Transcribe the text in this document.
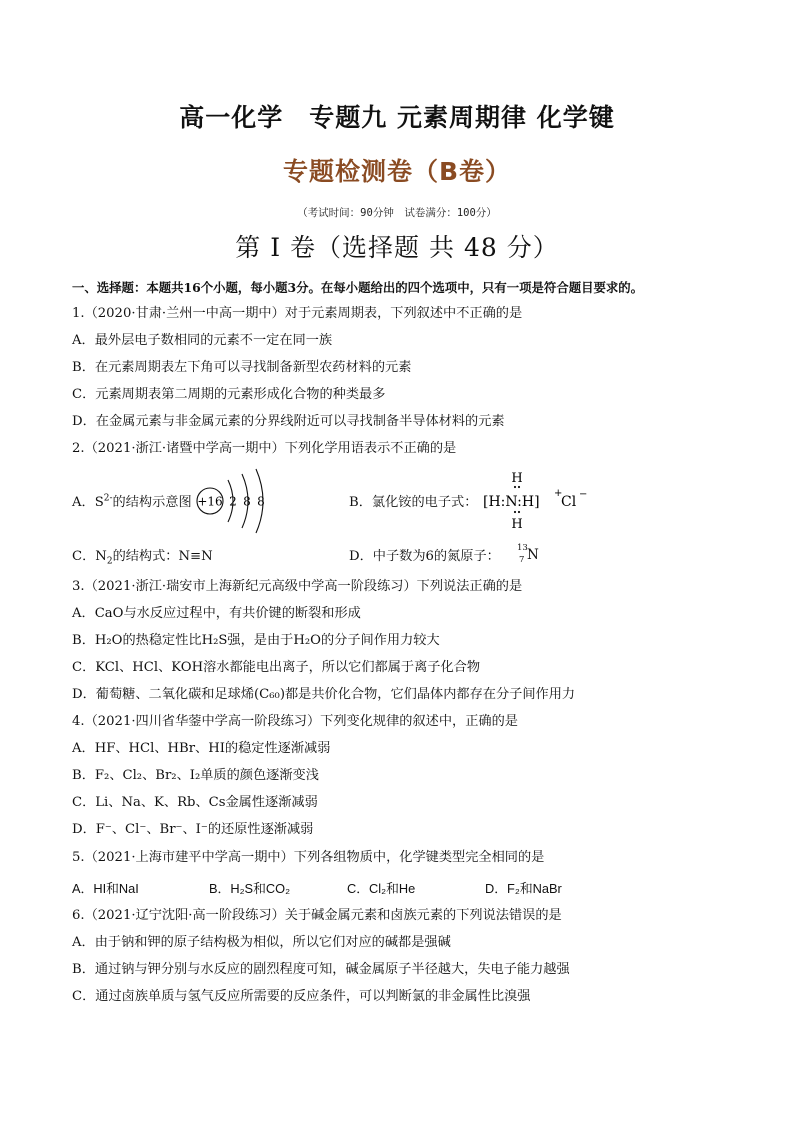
高一化学　专题九 元素周期律 化学键
专题检测卷（B卷）
（考试时间：90分钟　试卷满分：100分）
第 I 卷（选择题 共 48 分）
一、选择题：本题共16个小题，每小题3分。在每小题给出的四个选项中，只有一项是符合题目要求的。
1.（2020·甘肃·兰州一中高一期中）对于元素周期表，下列叙述中不正确的是
A．最外层电子数相同的元素不一定在同一族
B．在元素周期表左下角可以寻找制备新型农药材料的元素
C．元素周期表第二周期的元素形成化合物的种类最多
D．在金属元素与非金属元素的分界线附近可以寻找制备半导体材料的元素
2.（2021·浙江·诸暨中学高一期中）下列化学用语表示不正确的是
A．$S^{2-}$的结构示意图 +16 2 8 8	B．氯化铵的电子式：
H
[H:N:H]
+
Cl −
H
C．$N_2$的结构式：N≡N	D．中子数为6的氮原子：
13
7 N
3.（2021·浙江·瑞安市上海新纪元高级中学高一阶段练习）下列说法正确的是
A．CaO与水反应过程中，有共价键的断裂和形成
B．H₂O的热稳定性比H₂S强，是由于H₂O的分子间作用力较大
C．KCl、HCl、KOH溶水都能电出离子，所以它们都属于离子化合物
D．葡萄糖、二氧化碳和足球烯(C₆₀)都是共价化合物，它们晶体内都存在分子间作用力
4.（2021·四川省华蓥中学高一阶段练习）下列变化规律的叙述中，正确的是
A．HF、HCl、HBr、HI的稳定性逐渐减弱
B．F₂、Cl₂、Br₂、I₂单质的颜色逐渐变浅
C．Li、Na、K、Rb、Cs金属性逐渐减弱
D．F⁻、Cl⁻、Br⁻、I⁻的还原性逐渐减弱
5.（2021·上海市建平中学高一期中）下列各组物质中，化学键类型完全相同的是
A．HI和NaI	B．H₂S和CO₂	C．Cl₂和He	D．F₂和NaBr
6.（2021·辽宁沈阳·高一阶段练习）关于碱金属元素和卤族元素的下列说法错误的是
A．由于钠和钾的原子结构极为相似，所以它们对应的碱都是强碱
B．通过钠与钾分别与水反应的剧烈程度可知，碱金属原子半径越大，失电子能力越强
C．通过卤族单质与氢气反应所需要的反应条件，可以判断氯的非金属性比溴强
